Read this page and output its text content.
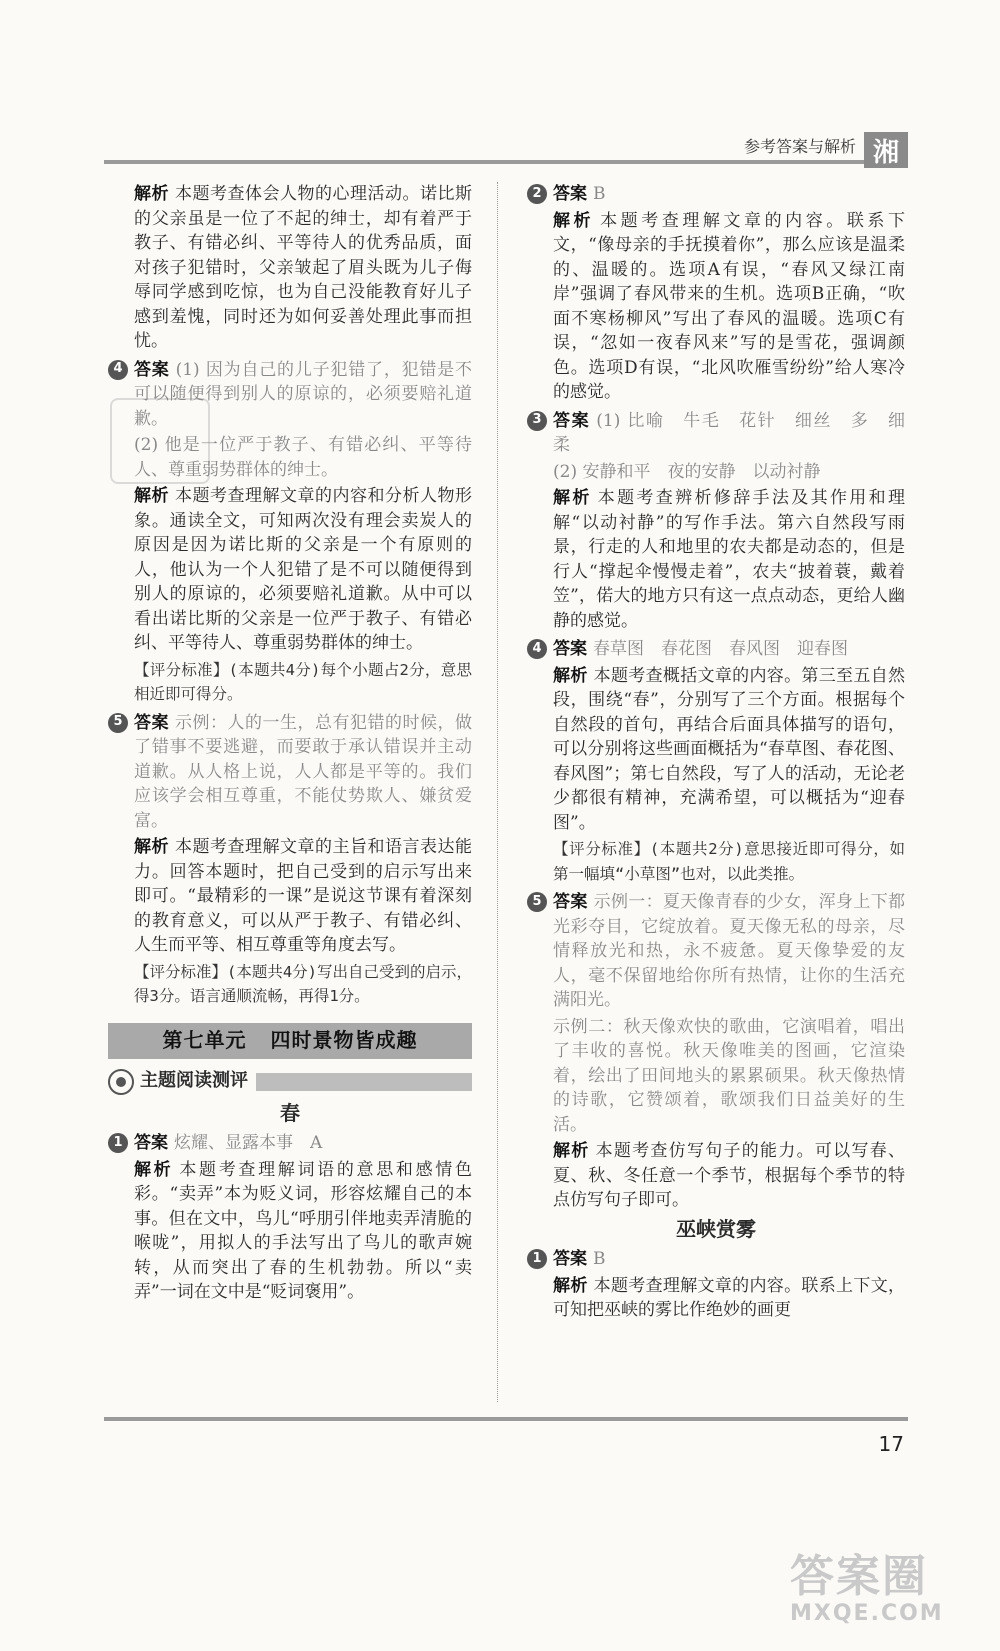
参考答案与解析 湘

解析 本题考查体会人物的心理活动。诺比斯的父亲虽是一位了不起的绅士，却有着严于教子、有错必纠、平等待人的优秀品质，面对孩子犯错时，父亲皱起了眉头既为儿子侮辱同学感到吃惊，也为自己没能教育好儿子感到羞愧，同时还为如何妥善处理此事而担忧。

4 答案 (1) 因为自己的儿子犯错了，犯错是不可以随便得到别人的原谅的，必须要赔礼道歉。

(2) 他是一位严于教子、有错必纠、平等待人、尊重弱势群体的绅士。

解析 本题考查理解文章的内容和分析人物形象。通读全文，可知两次没有理会卖炭人的原因是因为诺比斯的父亲是一个有原则的人，他认为一个人犯错了是不可以随便得到别人的原谅的，必须要赔礼道歉。从中可以看出诺比斯的父亲是一位严于教子、有错必纠、平等待人、尊重弱势群体的绅士。

【评分标准】(本题共4分)每个小题占2分，意思相近即可得分。

5 答案 示例：人的一生，总有犯错的时候，做了错事不要逃避，而要敢于承认错误并主动道歉。从人格上说，人人都是平等的。我们应该学会相互尊重，不能仗势欺人、嫌贫爱富。

解析 本题考查理解文章的主旨和语言表达能力。回答本题时，把自己受到的启示写出来即可。“最精彩的一课”是说这节课有着深刻的教育意义，可以从严于教子、有错必纠、人生而平等、相互尊重等角度去写。

【评分标准】(本题共4分)写出自己受到的启示，得3分。语言通顺流畅，再得1分。

第七单元 四时景物皆成趣
主题阅读测评
春
1 答案 炫耀、显露本事　A

解析 本题考查理解词语的意思和感情色彩。“卖弄”本为贬义词，形容炫耀自己的本事。但在文中，鸟儿“呼朋引伴地卖弄清脆的喉咙”，用拟人的手法写出了鸟儿的歌声婉转，从而突出了春的生机勃勃。所以“卖弄”一词在文中是“贬词褒用”。

2 答案 B

解析 本题考查理解文章的内容。联系下文，“像母亲的手抚摸着你”，那么应该是温柔的、温暖的。选项A有误，“春风又绿江南岸”强调了春风带来的生机。选项B正确，“吹面不寒杨柳风”写出了春风的温暖。选项C有误，“忽如一夜春风来”写的是雪花，强调颜色。选项D有误，“北风吹雁雪纷纷”给人寒冷的感觉。

3 答案 (1) 比喻　牛毛　花针　细丝　多　细　柔

(2) 安静和平　夜的安静　以动衬静

解析 本题考查辨析修辞手法及其作用和理解“以动衬静”的写作手法。第六自然段写雨景，行走的人和地里的农夫都是动态的，但是行人“撑起伞慢慢走着”，农夫“披着蓑，戴着笠”，偌大的地方只有这一点点动态，更给人幽静的感觉。

4 答案 春草图　春花图　春风图　迎春图

解析 本题考查概括文章的内容。第三至五自然段，围绕“春”，分别写了三个方面。根据每个自然段的首句，再结合后面具体描写的语句，可以分别将这些画面概括为“春草图、春花图、春风图”；第七自然段，写了人的活动，无论老少都很有精神，充满希望，可以概括为“迎春图”。

【评分标准】(本题共2分)意思接近即可得分，如第一幅填“小草图”也对，以此类推。

5 答案 示例一：夏天像青春的少女，浑身上下都光彩夺目，它绽放着。夏天像无私的母亲，尽情释放光和热，永不疲惫。夏天像挚爱的友人，毫不保留地给你所有热情，让你的生活充满阳光。

示例二：秋天像欢快的歌曲，它演唱着，唱出了丰收的喜悦。秋天像唯美的图画，它渲染着，绘出了田间地头的累累硕果。秋天像热情的诗歌，它赞颂着，歌颂我们日益美好的生活。

解析 本题考查仿写句子的能力。可以写春、夏、秋、冬任意一个季节，根据每个季节的特点仿写句子即可。

巫峡赏雾
1 答案 B

解析 本题考查理解文章的内容。联系上下文，可知把巫峡的雾比作绝妙的画更

17
答案圈
MXQE.COM
